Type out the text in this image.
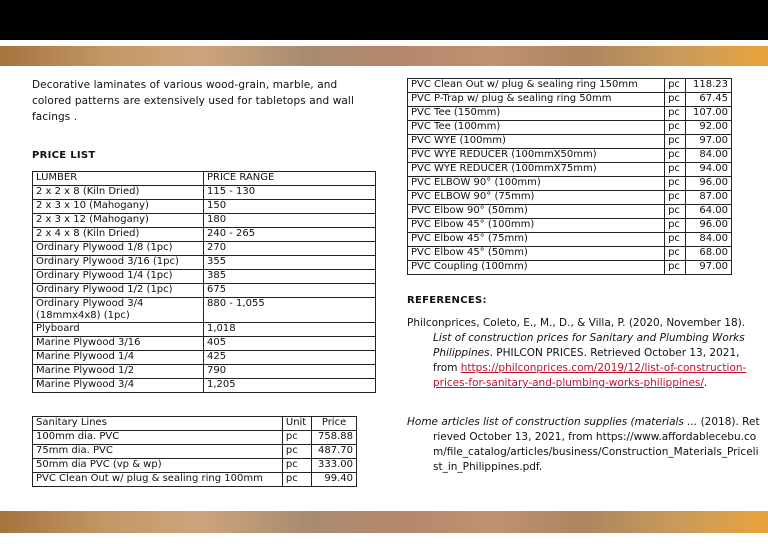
Decorative laminates of various wood-grain, marble, and colored patterns are extensively used for tabletops and wall facings .
PRICE LIST
LUMBER	PRICE RANGE
2 x 2 x 8 (Kiln Dried)	115 - 130
2 x 3 x 10 (Mahogany)	150
2 x 3 x 12 (Mahogany)	180
2 x 4 x 8 (Kiln Dried)	240 - 265
Ordinary Plywood 1/8 (1pc)	270
Ordinary Plywood 3/16 (1pc)	355
Ordinary Plywood 1/4 (1pc)	385
Ordinary Plywood 1/2 (1pc)	675
Ordinary Plywood 3/4 (18mmx4x8) (1pc)	880 - 1,055
Plyboard	1,018
Marine Plywood 3/16	405
Marine Plywood 1/4	425
Marine Plywood 1/2	790
Marine Plywood 3/4	1,205
Sanitary Lines	Unit	Price
100mm dia. PVC	pc	758.88
75mm dia. PVC	pc	487.70
50mm dia PVC (vp & wp)	pc	333.00
PVC Clean Out w/ plug & sealing ring 100mm	pc	99.40
PVC Clean Out w/ plug & sealing ring 150mm	pc	118.23
PVC P-Trap w/ plug & sealing ring 50mm	pc	67.45
PVC Tee (150mm)	pc	107.00
PVC Tee (100mm)	pc	92.00
PVC WYE (100mm)	pc	97.00
PVC WYE REDUCER (100mmX50mm)	pc	84.00
PVC WYE REDUCER (100mmX75mm)	pc	94.00
PVC ELBOW 90° (100mm)	pc	96.00
PVC ELBOW 90° (75mm)	pc	87.00
PVC Elbow 90° (50mm)	pc	64.00
PVC Elbow 45° (100mm)	pc	96.00
PVC Elbow 45° (75mm)	pc	84.00
PVC Elbow 45° (50mm)	pc	68.00
PVC Coupling (100mm)	pc	97.00
REFERENCES:
Philconprices, Coleto, E., M., D., & Villa, P. (2020, November 18). List of construction prices for Sanitary and Plumbing Works Philippines. PHILCON PRICES. Retrieved October 13, 2021, from https://philconprices.com/2019/12/list-of-construction-prices-for-sanitary-and-plumbing-works-philippines/.
Home articles list of construction supplies (materials ... (2018). Retrieved October 13, 2021, from https://www.affordablecebu.com/file_catalog/articles/business/Construction_Materials_Pricelist_in_Philippines.pdf.
